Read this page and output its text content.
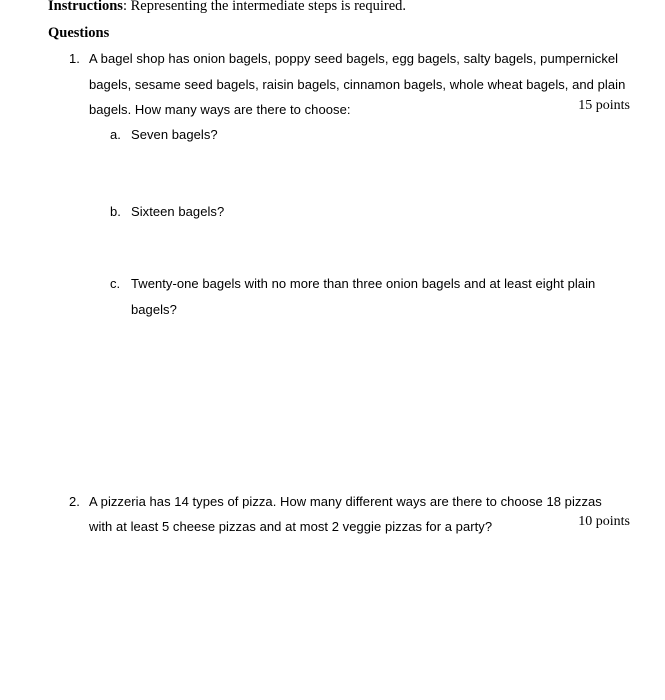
Instructions: Representing the intermediate steps is required.
Questions
1. A bagel shop has onion bagels, poppy seed bagels, egg bagels, salty bagels, pumpernickel
bagels, sesame seed bagels, raisin bagels, cinnamon bagels, whole wheat bagels, and plain
bagels. How many ways are there to choose:	15 points
a. Seven bagels?
b. Sixteen bagels?
c. Twenty-one bagels with no more than three onion bagels and at least eight plain
bagels?
2. A pizzeria has 14 types of pizza. How many different ways are there to choose 18 pizzas
with at least 5 cheese pizzas and at most 2 veggie pizzas for a party?	10 points
